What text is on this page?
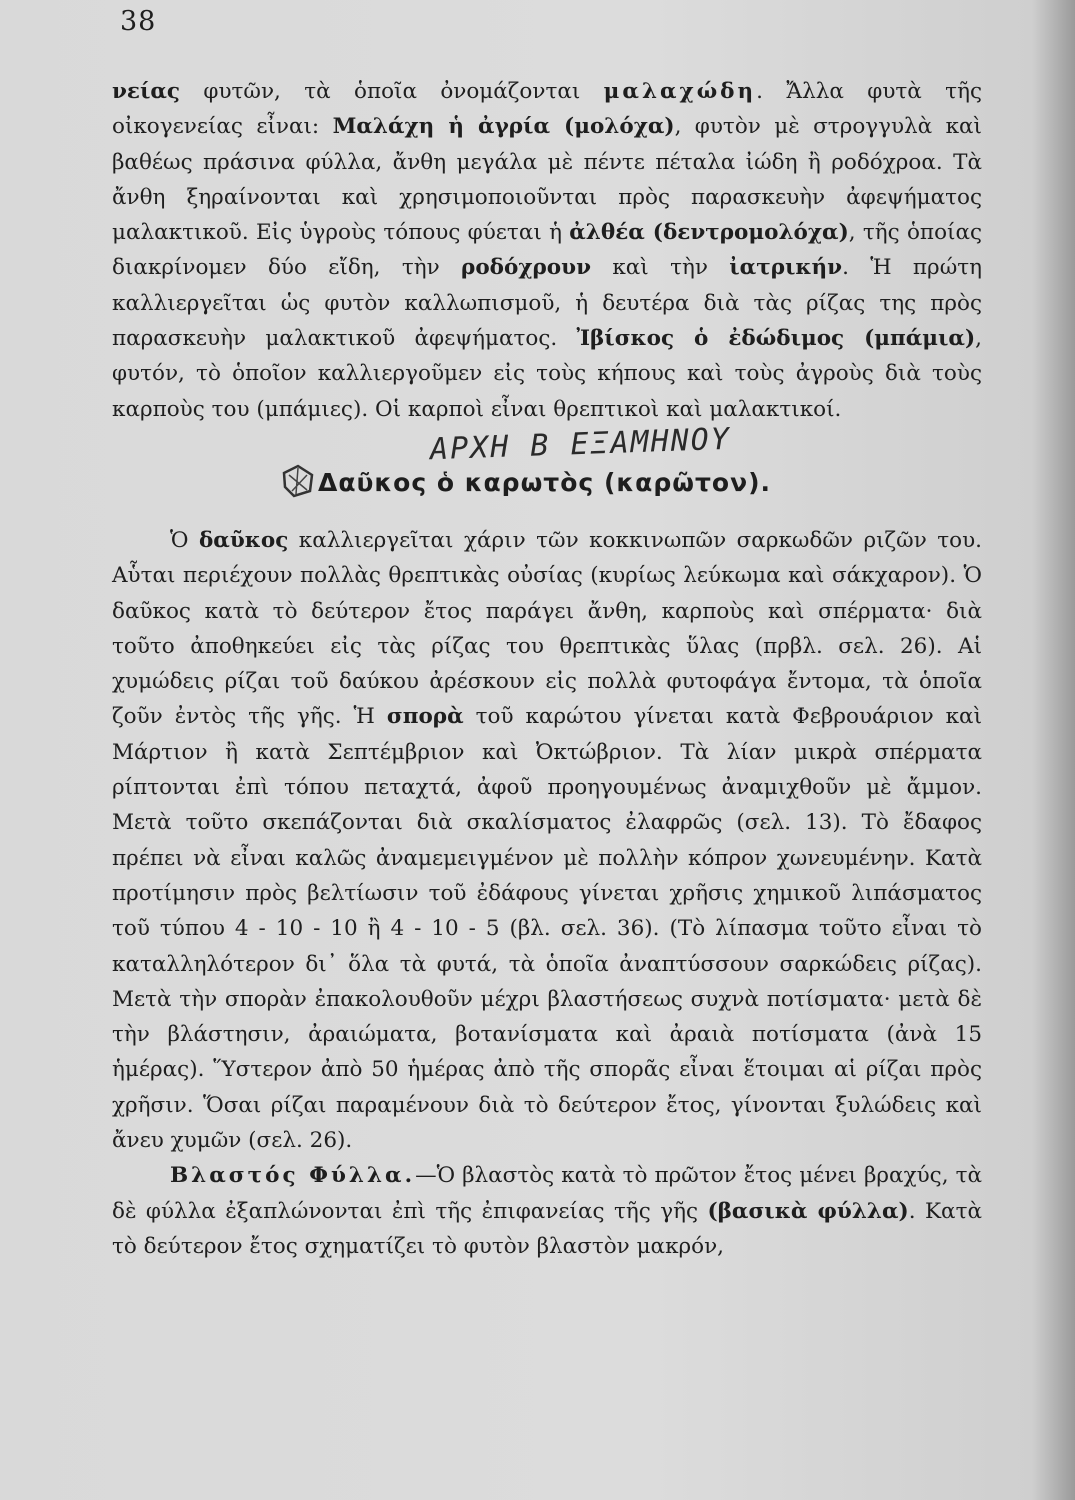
38

νείας φυτῶν, τὰ ὁποῖα ὀνομάζονται μαλαχώδη. Ἄλλα φυτὰ τῆς οἰκογενείας εἶναι: Μαλάχη ἡ ἀγρία (μολόχα), φυτὸν μὲ στρογγυλὰ καὶ βαθέως πράσινα φύλλα, ἄνθη μεγάλα μὲ πέντε πέταλα ἰώδη ἢ ροδόχροα. Τὰ ἄνθη ξηραίνονται καὶ χρησιμοποιοῦνται πρὸς παρασκευὴν ἀφεψήματος μαλακτικοῦ. Εἰς ὑγροὺς τόπους φύεται ἡ ἀλθέα (δεντρομολόχα), τῆς ὁποίας διακρίνομεν δύο εἴδη, τὴν ροδόχρουν καὶ τὴν ἰατρικήν. Ἡ πρώτη καλλιεργεῖται ὡς φυτὸν καλλωπισμοῦ, ἡ δευτέρα διὰ τὰς ρίζας της πρὸς παρασκευὴν μαλακτικοῦ ἀφεψήματος. Ἰβίσκος ὁ ἐδώδιμος (μπάμια), φυτόν, τὸ ὁποῖον καλλιεργοῦμεν εἰς τοὺς κήπους καὶ τοὺς ἀγροὺς διὰ τοὺς καρποὺς του (μπάμιες). Οἱ καρποὶ εἶναι θρεπτικοὶ καὶ μαλακτικοί.

ΑΡΧΗ Β ΕΞΑΜΗΝΟΥ
Δαῦκος ὁ καρωτὸς (καρῶτον).

Ὁ δαῦκος καλλιεργεῖται χάριν τῶν κοκκινωπῶν σαρκωδῶν ριζῶν του. Αὗται περιέχουν πολλὰς θρεπτικὰς οὐσίας (κυρίως λεύκωμα καὶ σάκχαρον). Ὁ δαῦκος κατὰ τὸ δεύτερον ἔτος παράγει ἄνθη, καρποὺς καὶ σπέρματα· διὰ τοῦτο ἀποθηκεύει εἰς τὰς ρίζας του θρεπτικὰς ὕλας (πρβλ. σελ. 26). Αἱ χυμώδεις ρίζαι τοῦ δαύκου ἀρέσκουν εἰς πολλὰ φυτοφάγα ἔντομα, τὰ ὁποῖα ζοῦν ἐντὸς τῆς γῆς. Ἡ σπορὰ τοῦ καρώτου γίνεται κατὰ Φεβρουάριον καὶ Μάρτιον ἢ κατὰ Σεπτέμβριον καὶ Ὀκτώβριον. Τὰ λίαν μικρὰ σπέρματα ρίπτονται ἐπὶ τόπου πεταχτά, ἀφοῦ προηγουμένως ἀναμιχθοῦν μὲ ἄμμον. Μετὰ τοῦτο σκεπάζονται διὰ σκαλίσματος ἐλαφρῶς (σελ. 13). Τὸ ἔδαφος πρέπει νὰ εἶναι καλῶς ἀναμεμειγμένον μὲ πολλὴν κόπρον χωνευμένην. Κατὰ προτίμησιν πρὸς βελτίωσιν τοῦ ἐδάφους γίνεται χρῆσις χημικοῦ λιπάσματος τοῦ τύπου 4 - 10 - 10 ἢ 4 - 10 - 5 (βλ. σελ. 36). (Τὸ λίπασμα τοῦτο εἶναι τὸ καταλληλότερον δι᾿ ὅλα τὰ φυτά, τὰ ὁποῖα ἀναπτύσσουν σαρκώδεις ρίζας). Μετὰ τὴν σπορὰν ἐπακολουθοῦν μέχρι βλαστήσεως συχνὰ ποτίσματα· μετὰ δὲ τὴν βλάστησιν, ἀραιώματα, βοτανίσματα καὶ ἀραιὰ ποτίσματα (ἀνὰ 15 ἡμέρας). Ὕστερον ἀπὸ 50 ἡμέρας ἀπὸ τῆς σπορᾶς εἶναι ἕτοιμαι αἱ ρίζαι πρὸς χρῆσιν. Ὅσαι ρίζαι παραμένουν διὰ τὸ δεύτερον ἔτος, γίνονται ξυλώδεις καὶ ἄνευ χυμῶν (σελ. 26).

Βλαστός Φύλλα.—Ὁ βλαστὸς κατὰ τὸ πρῶτον ἔτος μένει βραχύς, τὰ δὲ φύλλα ἐξαπλώνονται ἐπὶ τῆς ἐπιφανείας τῆς γῆς (βασικὰ φύλλα). Κατὰ τὸ δεύτερον ἔτος σχηματίζει τὸ φυτὸν βλαστὸν μακρόν,
